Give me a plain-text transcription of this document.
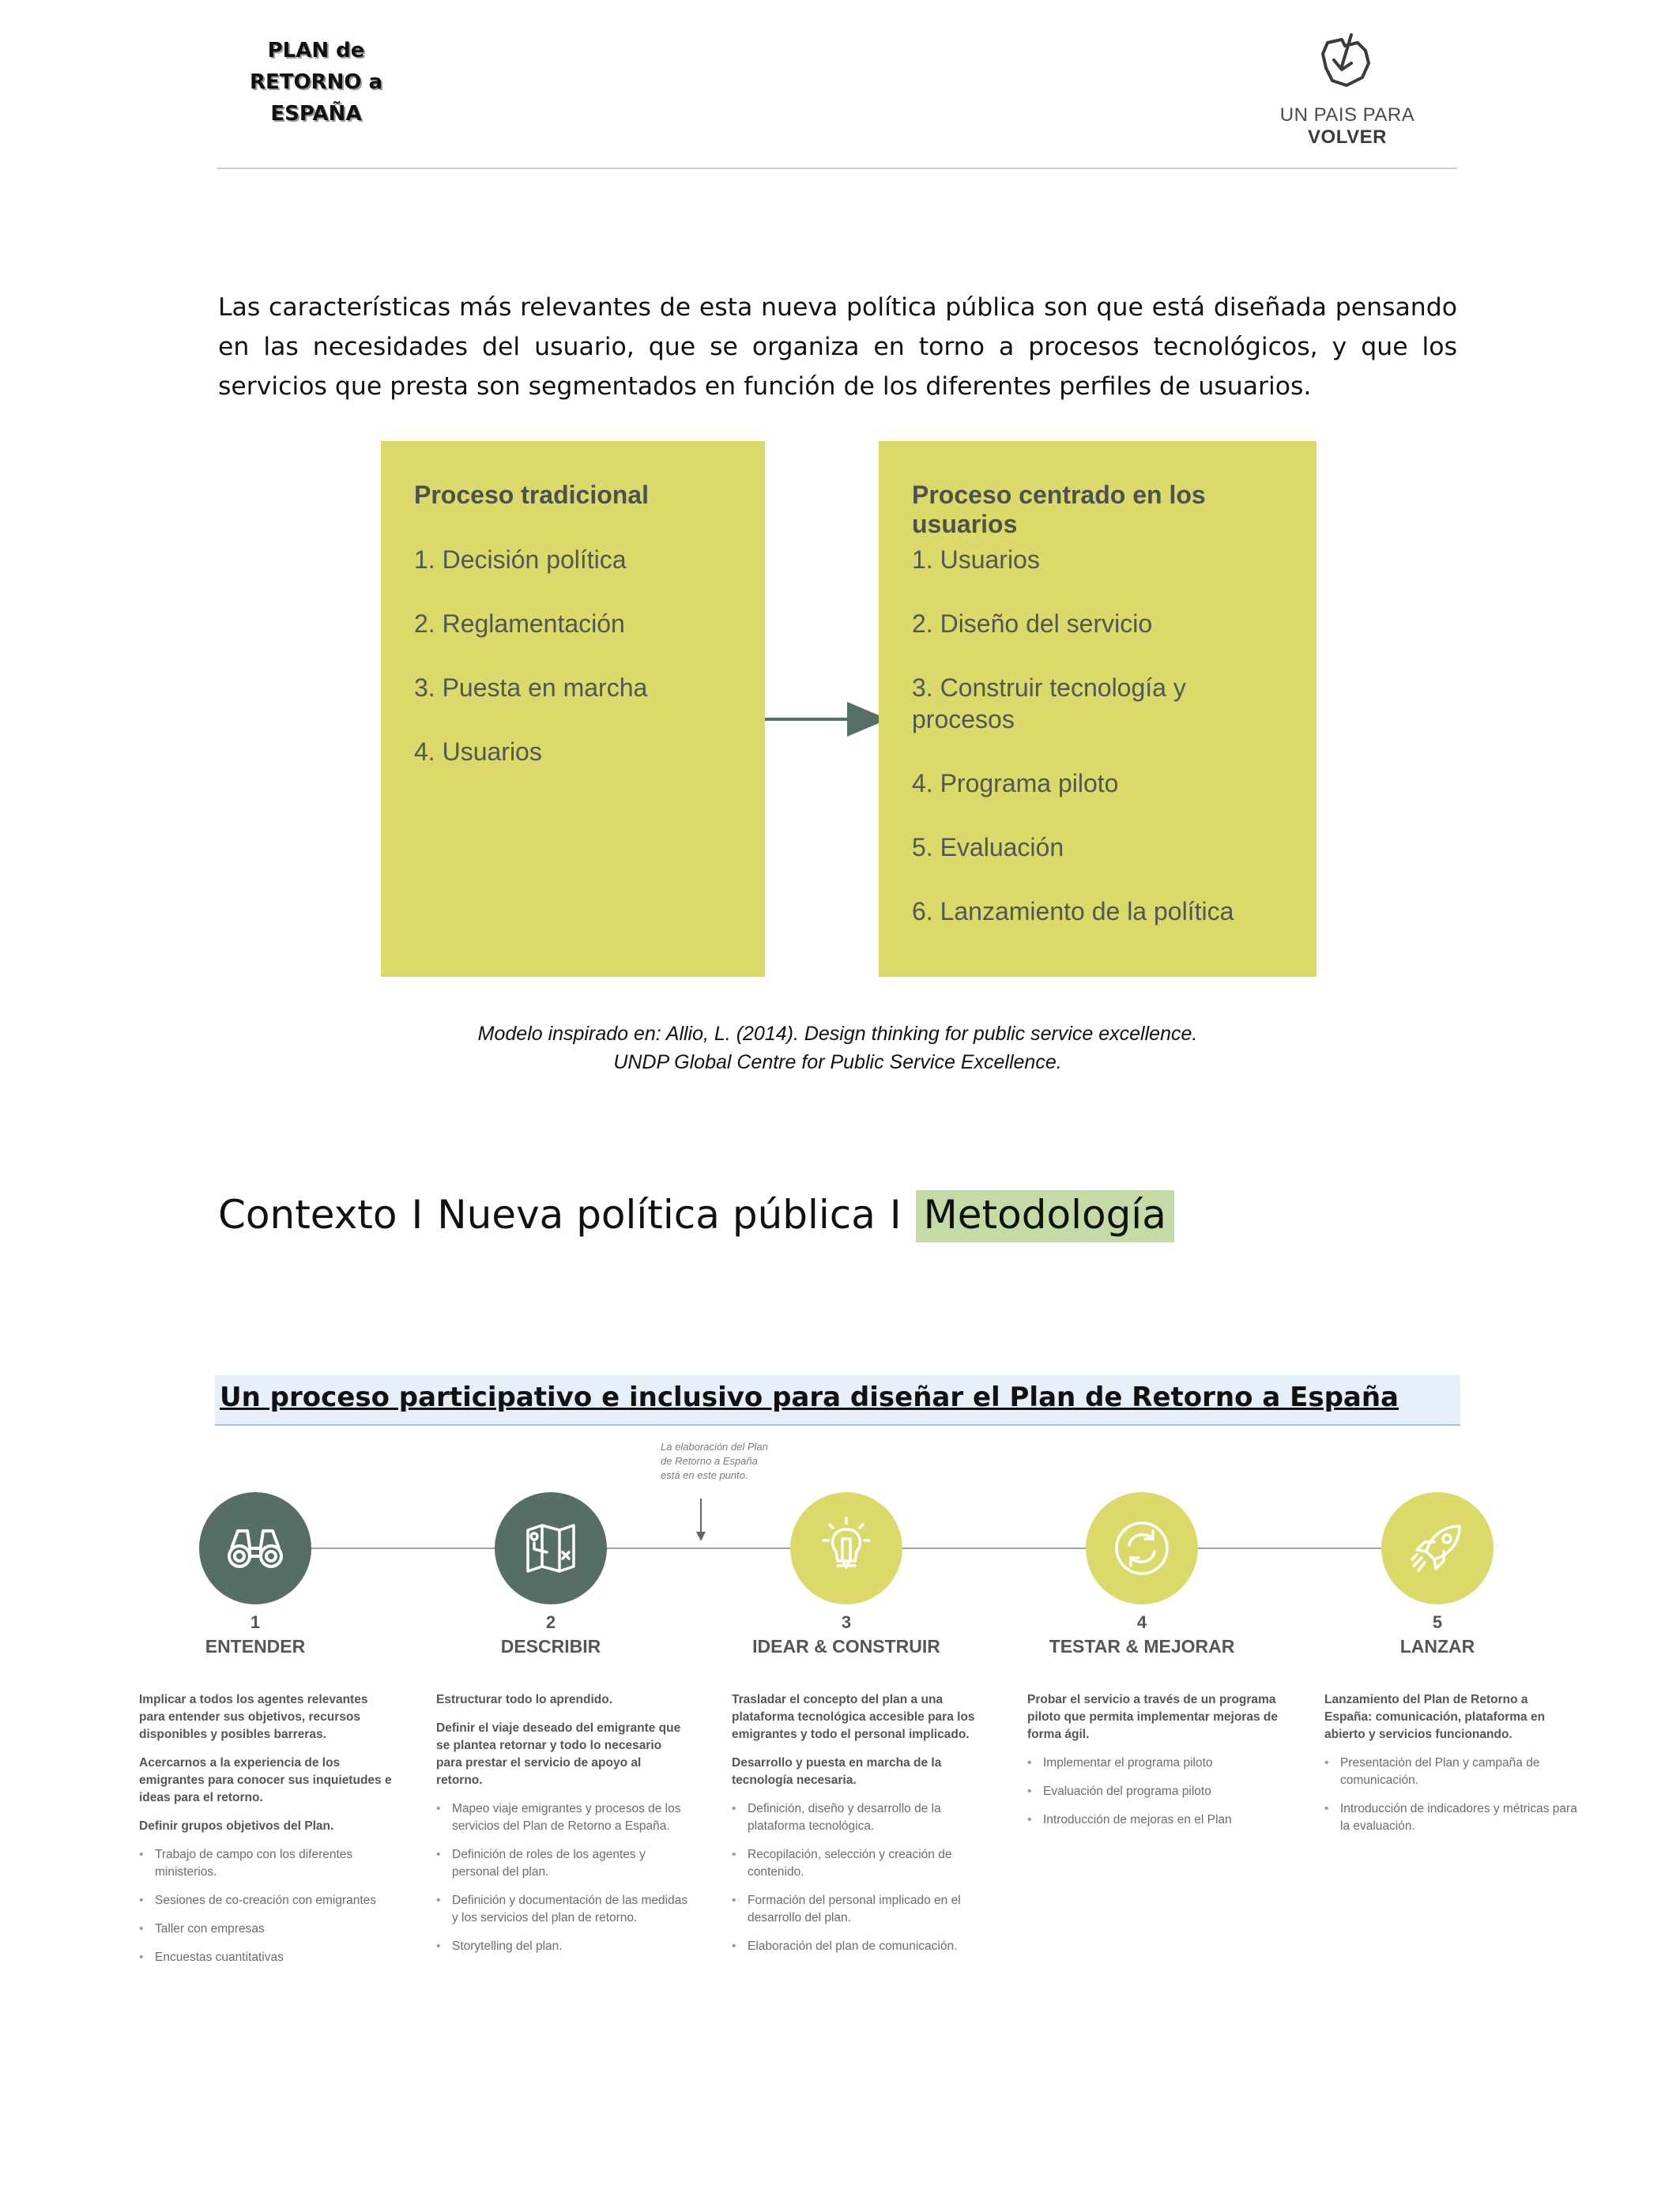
PLAN de
RETORNO a
ESPAÑA	UN PAIS PARA VOLVER
Las características más relevantes de esta nueva política pública son que está diseñada pensando en las necesidades del usuario, que se organiza en torno a procesos tecnológicos, y que los servicios que presta son segmentados en función de los diferentes perfiles de usuarios.
Proceso tradicional
1. Decisión política
2. Reglamentación
3. Puesta en marcha
4. Usuarios
Proceso centrado en los usuarios
1. Usuarios
2. Diseño del servicio
3. Construir tecnología y procesos
4. Programa piloto
5. Evaluación
6. Lanzamiento de la política
Modelo inspirado en: Allio, L. (2014). Design thinking for public service excellence.
UNDP Global Centre for Public Service Excellence.
Contexto I Nueva política pública I Metodología
Un proceso participativo e inclusivo para diseñar el Plan de Retorno a España
La elaboración del Plan de Retorno a España está en este punto.
1
ENTENDER

Implicar a todos los agentes relevantes para entender sus objetivos, recursos disponibles y posibles barreras.

Acercarnos a la experiencia de los emigrantes para conocer sus inquietudes e ideas para el retorno.

Definir grupos objetivos del Plan.

• Trabajo de campo con los diferentes ministerios.
• Sesiones de co-creación con emigrantes
• Taller con empresas
• Encuestas cuantitativas
2
DESCRIBIR

Estructurar todo lo aprendido.

Definir el viaje deseado del emigrante que se plantea retornar y todo lo necesario para prestar el servicio de apoyo al retorno.

• Mapeo viaje emigrantes y procesos de los servicios del Plan de Retorno a España.
• Definición de roles de los agentes y personal del plan.
• Definición y documentación de las medidas y los servicios del plan de retorno.
• Storytelling del plan.
3
IDEAR & CONSTRUIR

Trasladar el concepto del plan a una plataforma tecnológica accesible para los emigrantes y todo el personal implicado.

Desarrollo y puesta en marcha de la tecnología necesaria.

• Definición, diseño y desarrollo de la plataforma tecnológica.
• Recopilación, selección y creación de contenido.
• Formación del personal implicado en el desarrollo del plan.
• Elaboración del plan de comunicación.
4
TESTAR & MEJORAR

Probar el servicio a través de un programa piloto que permita implementar mejoras de forma ágil.

• Implementar el programa piloto
• Evaluación del programa piloto
• Introducción de mejoras en el Plan
5
LANZAR

Lanzamiento del Plan de Retorno a España: comunicación, plataforma en abierto y servicios funcionando.

• Presentación del Plan y campaña de comunicación.
• Introducción de indicadores y métricas para la evaluación.
